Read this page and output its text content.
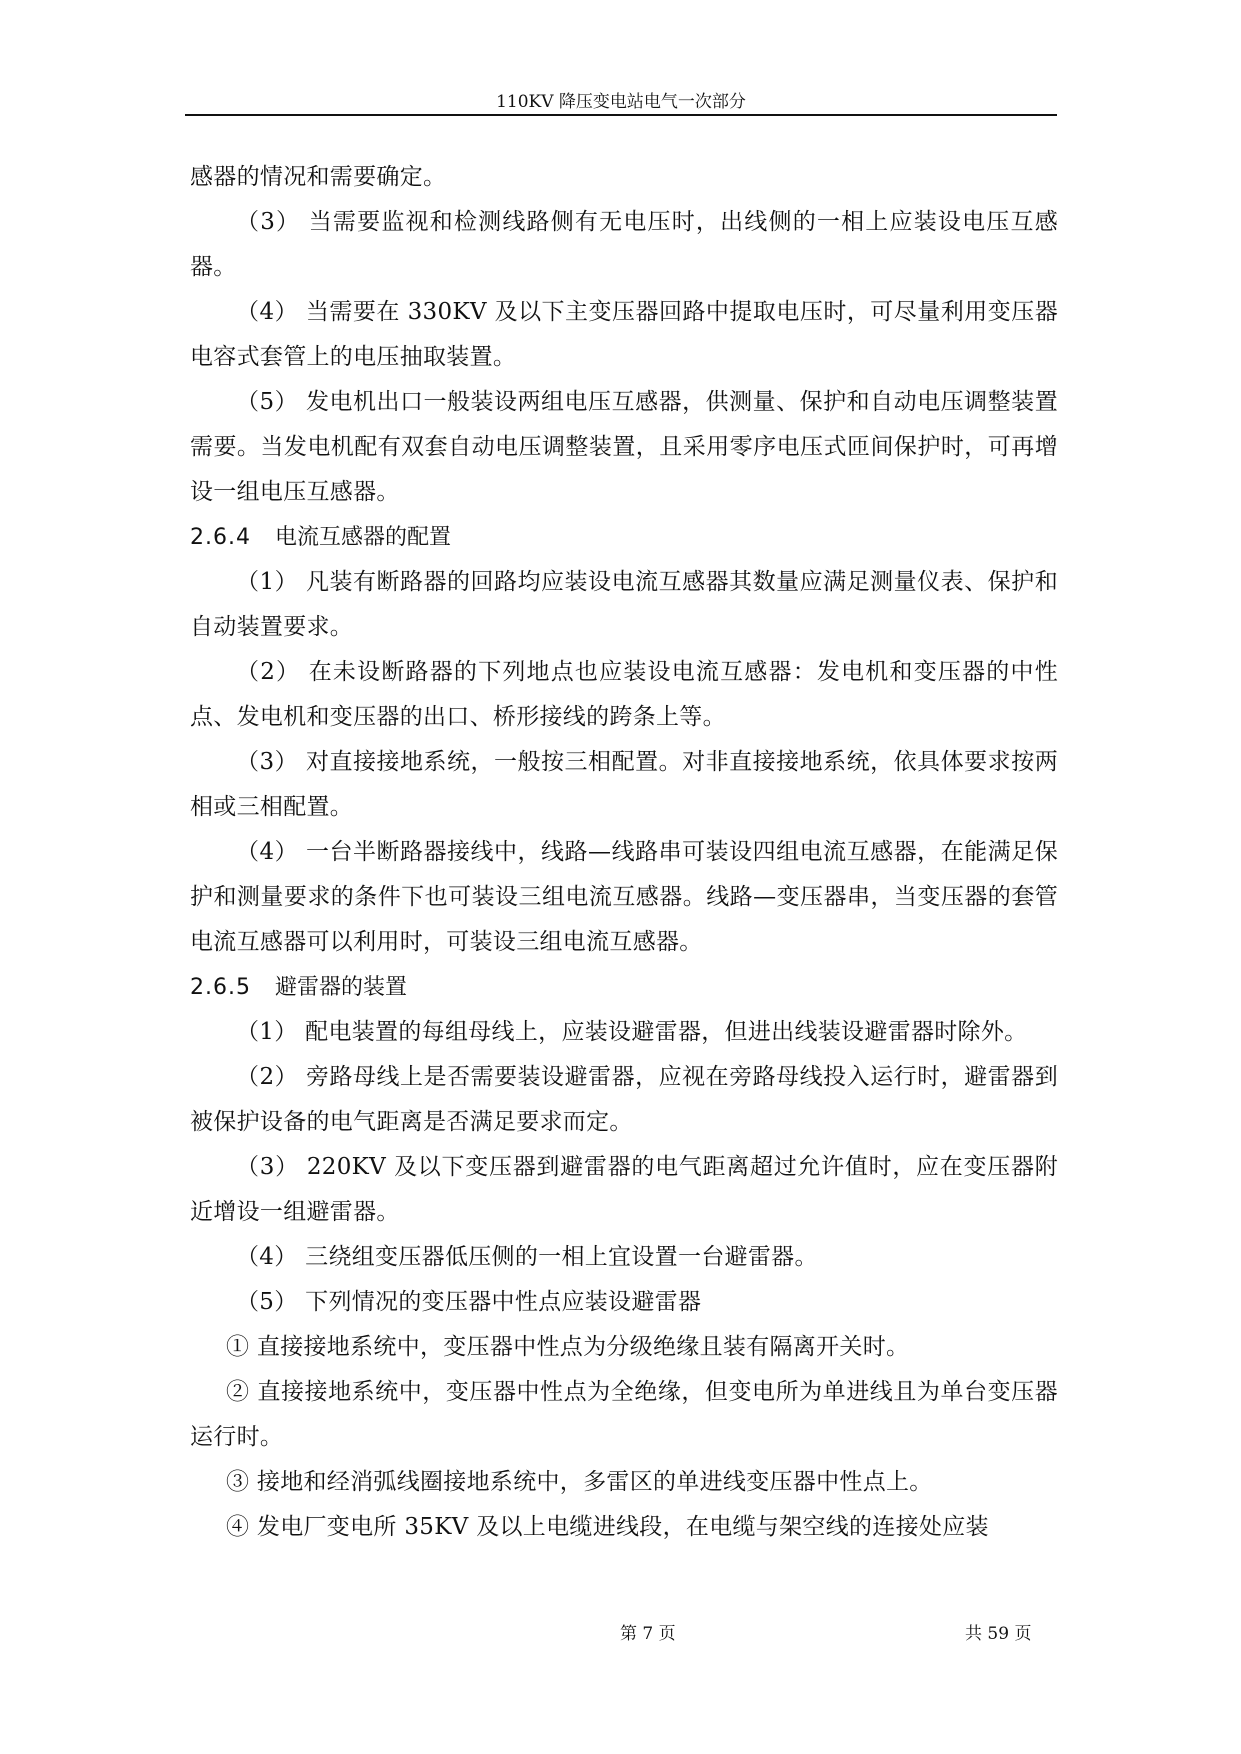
110KV 降压变电站电气一次部分

感器的情况和需要确定。

（3） 当需要监视和检测线路侧有无电压时，出线侧的一相上应装设电压互感器。

（4） 当需要在 330KV 及以下主变压器回路中提取电压时，可尽量利用变压器电容式套管上的电压抽取装置。

（5） 发电机出口一般装设两组电压互感器，供测量、保护和自动电压调整装置需要。当发电机配有双套自动电压调整装置，且采用零序电压式匝间保护时，可再增设一组电压互感器。

2.6.4 电流互感器的配置

（1） 凡装有断路器的回路均应装设电流互感器其数量应满足测量仪表、保护和自动装置要求。

（2） 在未设断路器的下列地点也应装设电流互感器：发电机和变压器的中性点、发电机和变压器的出口、桥形接线的跨条上等。

（3） 对直接接地系统，一般按三相配置。对非直接接地系统，依具体要求按两相或三相配置。

（4） 一台半断路器接线中，线路—线路串可装设四组电流互感器，在能满足保护和测量要求的条件下也可装设三组电流互感器。线路—变压器串，当变压器的套管电流互感器可以利用时，可装设三组电流互感器。

2.6.5 避雷器的装置

（1） 配电装置的每组母线上，应装设避雷器，但进出线装设避雷器时除外。

（2） 旁路母线上是否需要装设避雷器，应视在旁路母线投入运行时，避雷器到被保护设备的电气距离是否满足要求而定。

（3） 220KV 及以下变压器到避雷器的电气距离超过允许值时，应在变压器附近增设一组避雷器。

（4） 三绕组变压器低压侧的一相上宜设置一台避雷器。

（5） 下列情况的变压器中性点应装设避雷器

① 直接接地系统中，变压器中性点为分级绝缘且装有隔离开关时。

② 直接接地系统中，变压器中性点为全绝缘，但变电所为单进线且为单台变压器运行时。

③ 接地和经消弧线圈接地系统中，多雷区的单进线变压器中性点上。

④ 发电厂变电所 35KV 及以上电缆进线段，在电缆与架空线的连接处应装

第 7 页	共 59 页
